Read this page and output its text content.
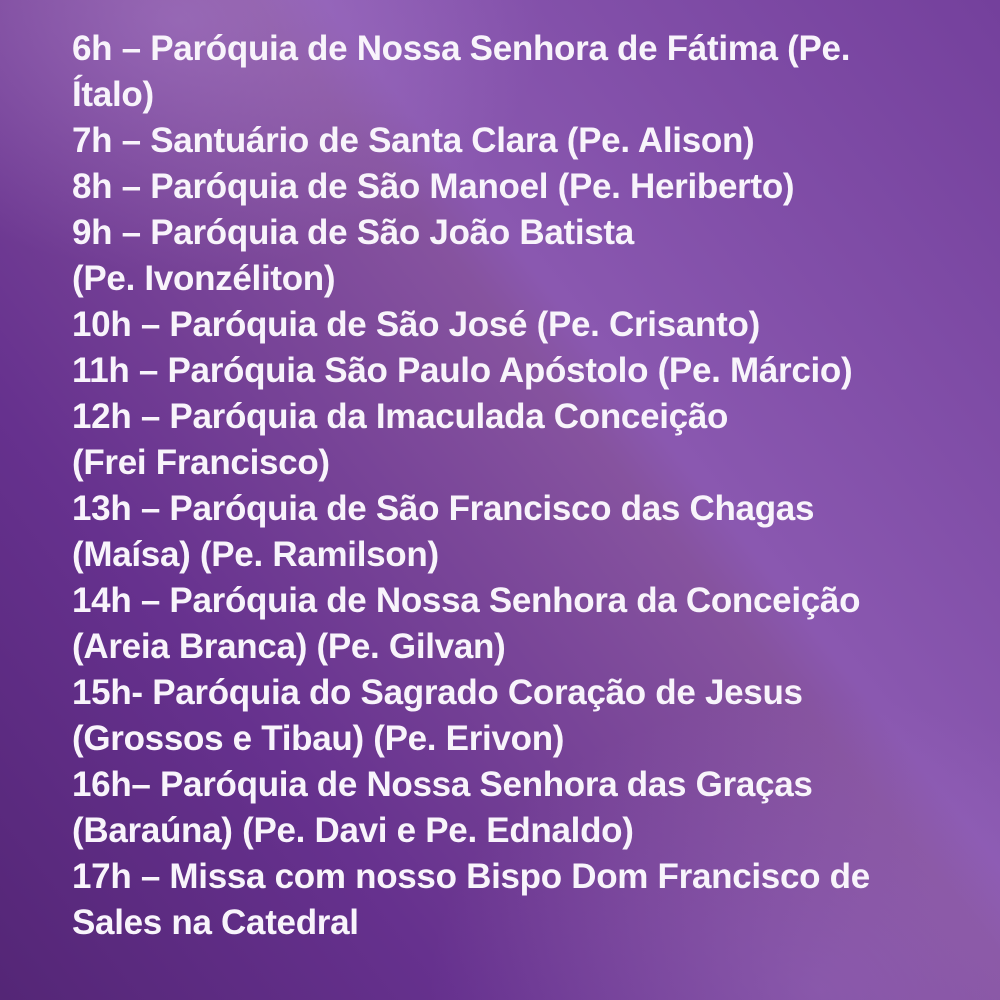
6h – Paróquia de Nossa Senhora de Fátima (Pe.
Ítalo)
7h – Santuário de Santa Clara (Pe. Alison)
8h – Paróquia de São Manoel (Pe. Heriberto)
9h – Paróquia de São João Batista
(Pe. Ivonzéliton)
10h – Paróquia de São José (Pe. Crisanto)
11h – Paróquia São Paulo Apóstolo (Pe. Márcio)
12h – Paróquia da Imaculada Conceição
(Frei Francisco)
13h – Paróquia de São Francisco das Chagas
(Maísa) (Pe. Ramilson)
14h – Paróquia de Nossa Senhora da Conceição
(Areia Branca) (Pe. Gilvan)
15h- Paróquia do Sagrado Coração de Jesus
(Grossos e Tibau) (Pe. Erivon)
16h– Paróquia de Nossa Senhora das Graças
(Baraúna) (Pe. Davi e Pe. Ednaldo)
17h – Missa com nosso Bispo Dom Francisco de
Sales na Catedral
